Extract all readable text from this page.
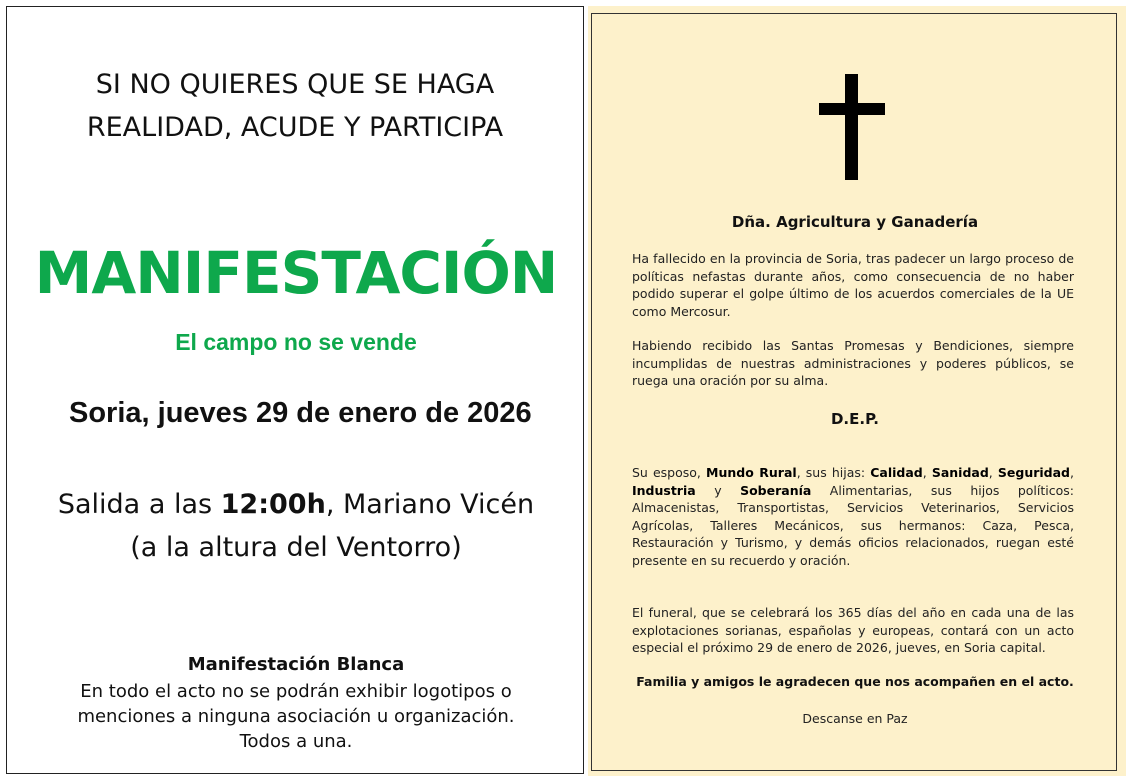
SI NO QUIERES QUE SE HAGA
REALIDAD, ACUDE Y PARTICIPA
MANIFESTACIÓN
El campo no se vende
Soria, jueves 29 de enero de 2026
Salida a las 12:00h, Mariano Vicén
(a la altura del Ventorro)
Manifestación Blanca
En todo el acto no se podrán exhibir logotipos o
menciones a ninguna asociación u organización.
Todos a una.
Dña. Agricultura y Ganadería
Ha fallecido en la provincia de Soria, tras padecer un largo proceso de políticas nefastas durante años, como consecuencia de no haber podido superar el golpe último de los acuerdos comerciales de la UE como Mercosur.
Habiendo recibido las Santas Promesas y Bendiciones, siempre incumplidas de nuestras administraciones y poderes públicos, se ruega una oración por su alma.
D.E.P.
Su esposo, Mundo Rural, sus hijas: Calidad, Sanidad, Seguridad, Industria y Soberanía Alimentarias, sus hijos políticos: Almacenistas, Transportistas, Servicios Veterinarios, Servicios Agrícolas, Talleres Mecánicos, sus hermanos: Caza, Pesca, Restauración y Turismo, y demás oficios relacionados, ruegan esté presente en su recuerdo y oración.
El funeral, que se celebrará los 365 días del año en cada una de las explotaciones sorianas, españolas y europeas, contará con un acto especial el próximo 29 de enero de 2026, jueves, en Soria capital.
Familia y amigos le agradecen que nos acompañen en el acto.
Descanse en Paz
